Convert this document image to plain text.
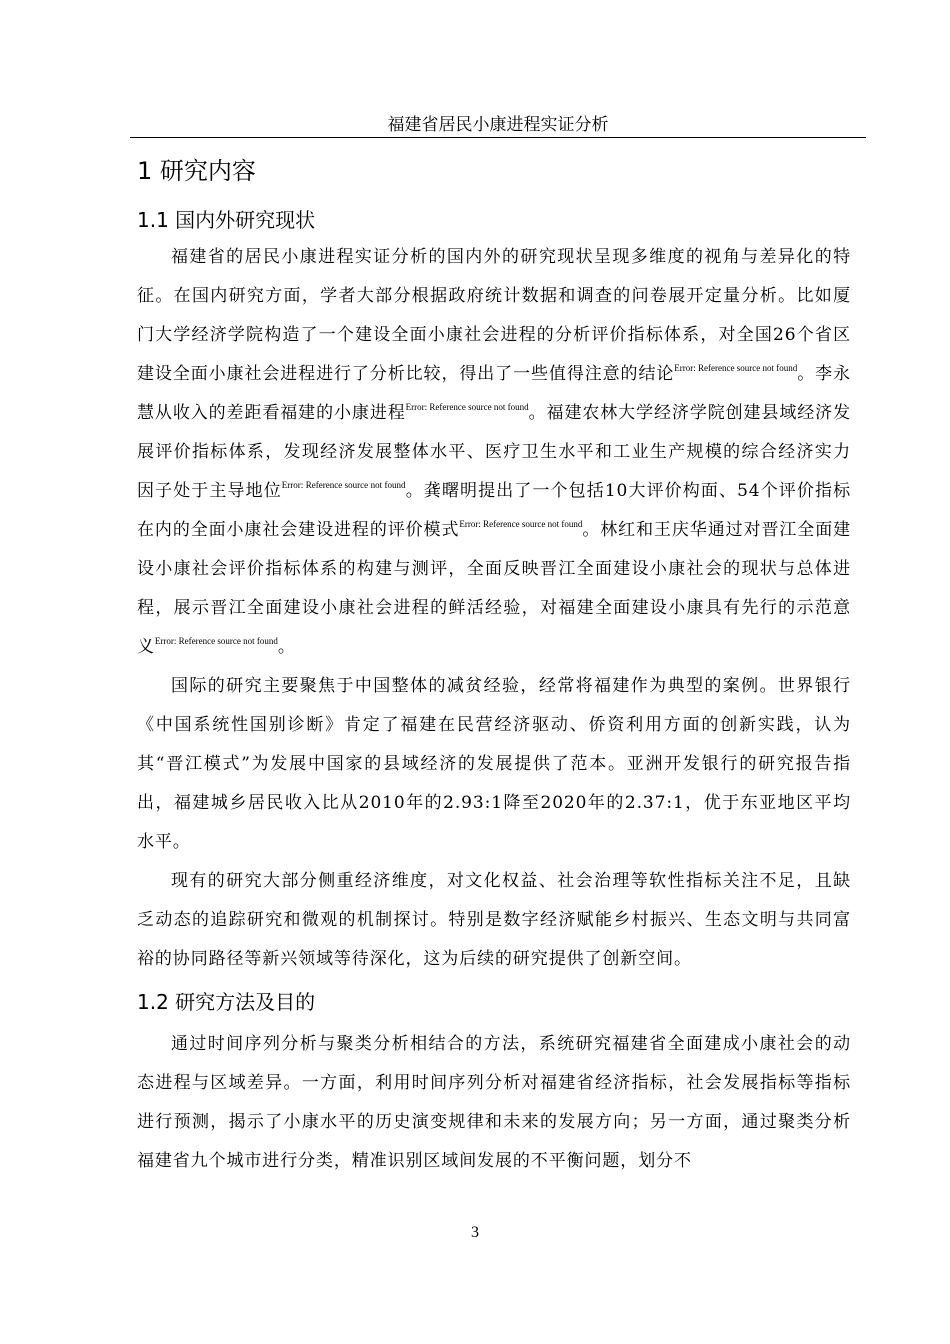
福建省居民小康进程实证分析
1 研究内容
1.1 国内外研究现状

福建省的居民小康进程实证分析的国内外的研究现状呈现多维度的视角与差异化的特征。在国内研究方面，学者大部分根据政府统计数据和调查的问卷展开定量分析。比如厦门大学经济学院构造了一个建设全面小康社会进程的分析评价指标体系，对全国26个省区建设全面小康社会进程进行了分析比较，得出了一些值得注意的结论$^{Error: Reference source not found}$。李永慧从收入的差距看福建的小康进程$^{Error: Reference source not found}$。福建农林大学经济学院创建县域经济发展评价指标体系，发现经济发展整体水平、医疗卫生水平和工业生产规模的综合经济实力因子处于主导地位$^{Error: Reference source not found}$。龚曙明提出了一个包括10大评价构面、54个评价指标在内的全面小康社会建设进程的评价模式$^{Error: Reference source not found}$。林红和王庆华通过对晋江全面建设小康社会评价指标体系的构建与测评，全面反映晋江全面建设小康社会的现状与总体进程，展示晋江全面建设小康社会进程的鲜活经验，对福建全面建设小康具有先行的示范意义$^{Error: Reference source not found}$。

国际的研究主要聚焦于中国整体的减贫经验，经常将福建作为典型的案例。世界银行《中国系统性国别诊断》肯定了福建在民营经济驱动、侨资利用方面的创新实践，认为其“晋江模式”为发展中国家的县域经济的发展提供了范本。亚洲开发银行的研究报告指出，福建城乡居民收入比从2010年的2.93:1降至2020年的2.37:1，优于东亚地区平均水平。

现有的研究大部分侧重经济维度，对文化权益、社会治理等软性指标关注不足，且缺乏动态的追踪研究和微观的机制探讨。特别是数字经济赋能乡村振兴、生态文明与共同富裕的协同路径等新兴领域等待深化，这为后续的研究提供了创新空间。

1.2 研究方法及目的

通过时间序列分析与聚类分析相结合的方法，系统研究福建省全面建成小康社会的动态进程与区域差异。一方面，利用时间序列分析对福建省经济指标，社会发展指标等指标进行预测，揭示了小康水平的历史演变规律和未来的发展方向；另一方面，通过聚类分析福建省九个城市进行分类，精准识别区域间发展的不平衡问题，划分不

3
